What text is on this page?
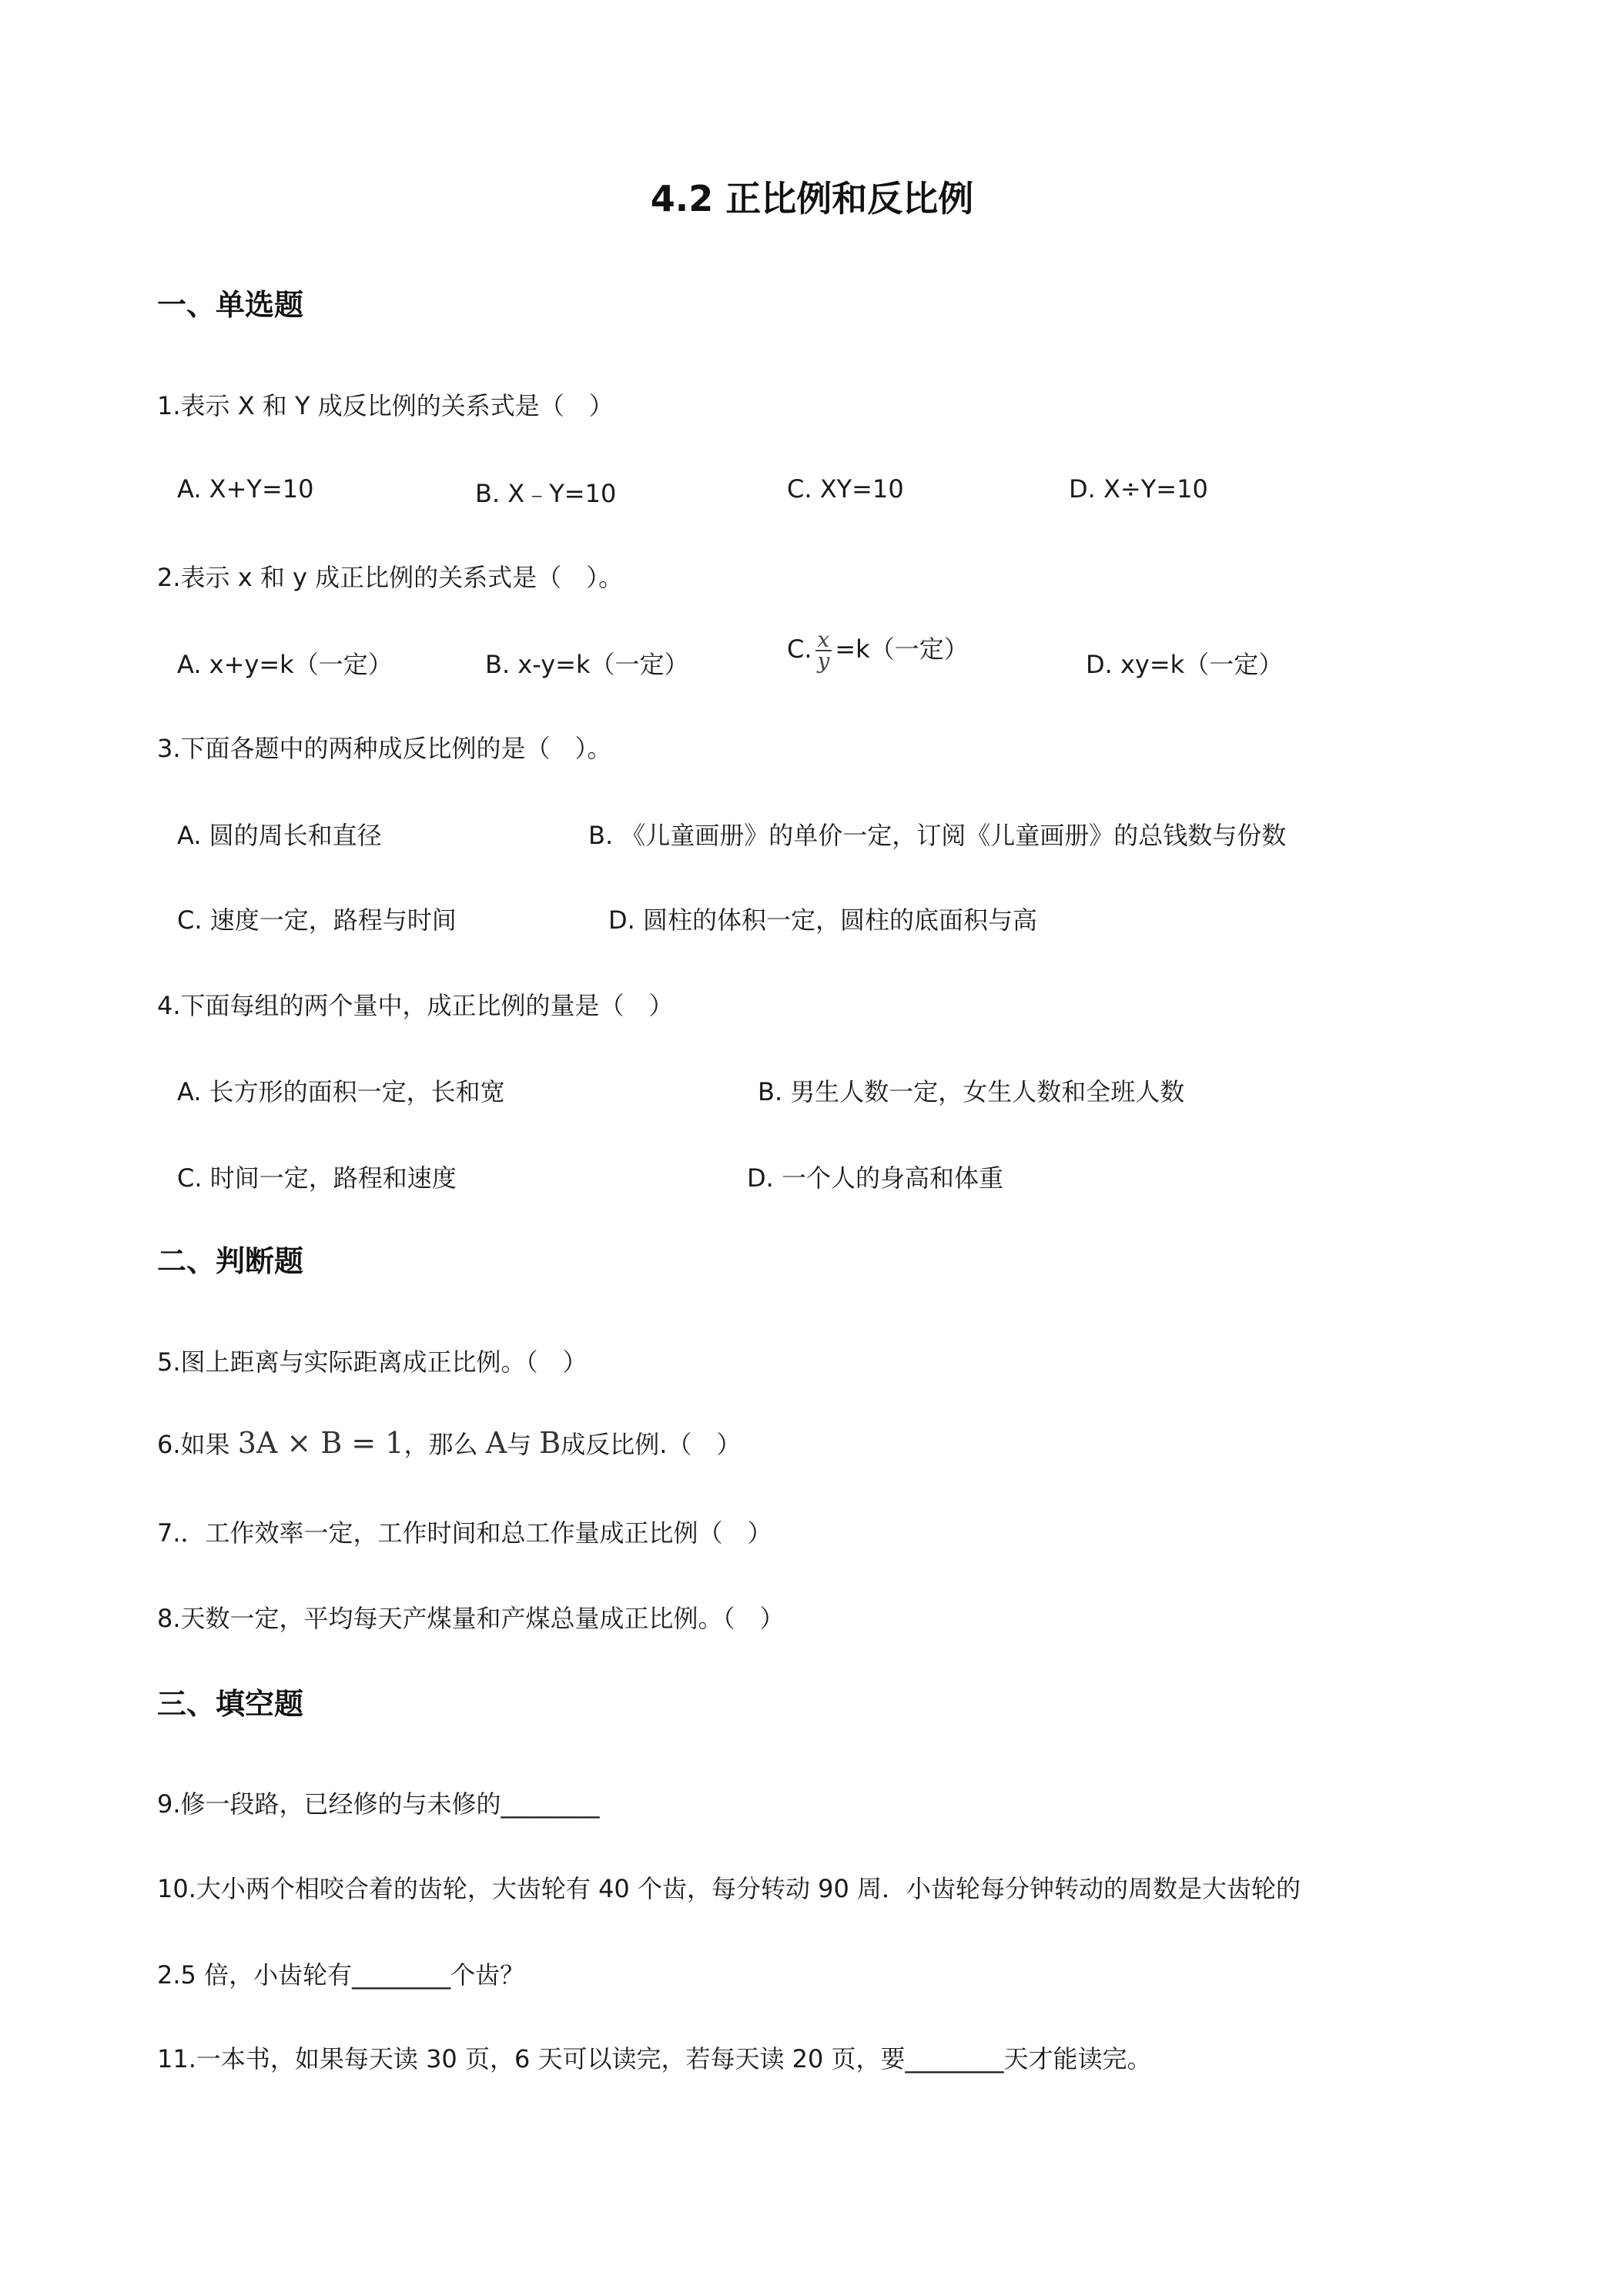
4.2 正比例和反比例
一、单选题
1.表示 X 和 Y 成反比例的关系式是（　）
A. X+Y=10	B. X﹣Y=10	C. XY=10	D. X÷Y=10
2.表示 x 和 y 成正比例的关系式是（　）。
A. x+y=k（一定）	B. x-y=k（一定）
C. $\frac{x}{y} =k$（一定）
D. xy=k（一定）
3.下面各题中的两种成反比例的是（　）。
A. 圆的周长和直径	B. 《儿童画册》的单价一定，订阅《儿童画册》的总钱数与份数
C. 速度一定，路程与时间	D. 圆柱的体积一定，圆柱的底面积与高
4.下面每组的两个量中，成正比例的量是（　）
A. 长方形的面积一定，长和宽	B. 男生人数一定，女生人数和全班人数
C. 时间一定，路程和速度	D. 一个人的身高和体重
二、判断题
5.图上距离与实际距离成正比例。（　）
6.如果 3A × B = 1，那么 A与 B成反比例.（　）
7.．工作效率一定，工作时间和总工作量成正比例（　）
8.天数一定，平均每天产煤量和产煤总量成正比例。（　）
三、填空题
9.修一段路，已经修的与未修的________
10.大小两个相咬合着的齿轮，大齿轮有 40 个齿，每分转动 90 周．小齿轮每分钟转动的周数是大齿轮的
2.5 倍，小齿轮有________个齿？
11.一本书，如果每天读 30 页，6 天可以读完，若每天读 20 页，要________天才能读完。
